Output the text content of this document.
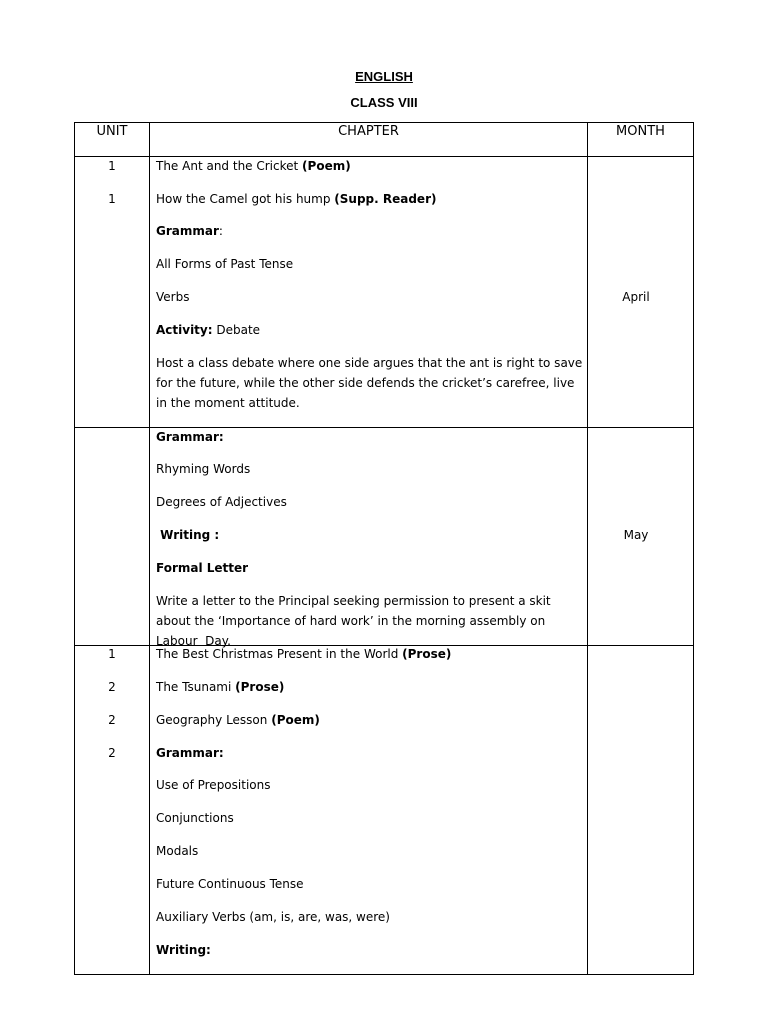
ENGLISH
CLASS VIII
UNIT	CHAPTER	MONTH
1
1
April
The Ant and the Cricket (Poem)
How the Camel got his hump (Supp. Reader)
Grammar:
All Forms of Past Tense
Verbs
Activity: Debate
Host a class debate where one side argues that the ant is right to save for the future, while the other side defends the cricket’s carefree, live in the moment attitude.
May
Grammar:
Rhyming Words
Degrees of Adjectives
Writing :
Formal Letter
Write a letter to the Principal seeking permission to present a skit about the ‘Importance of hard work’ in the morning assembly on  Labour  Day.
1
2
2
2
The Best Christmas Present in the World (Prose)
The Tsunami (Prose)
Geography Lesson (Poem)
Grammar:
Use of Prepositions
Conjunctions
Modals
Future Continuous Tense
Auxiliary Verbs (am, is, are, was, were)
Writing:
